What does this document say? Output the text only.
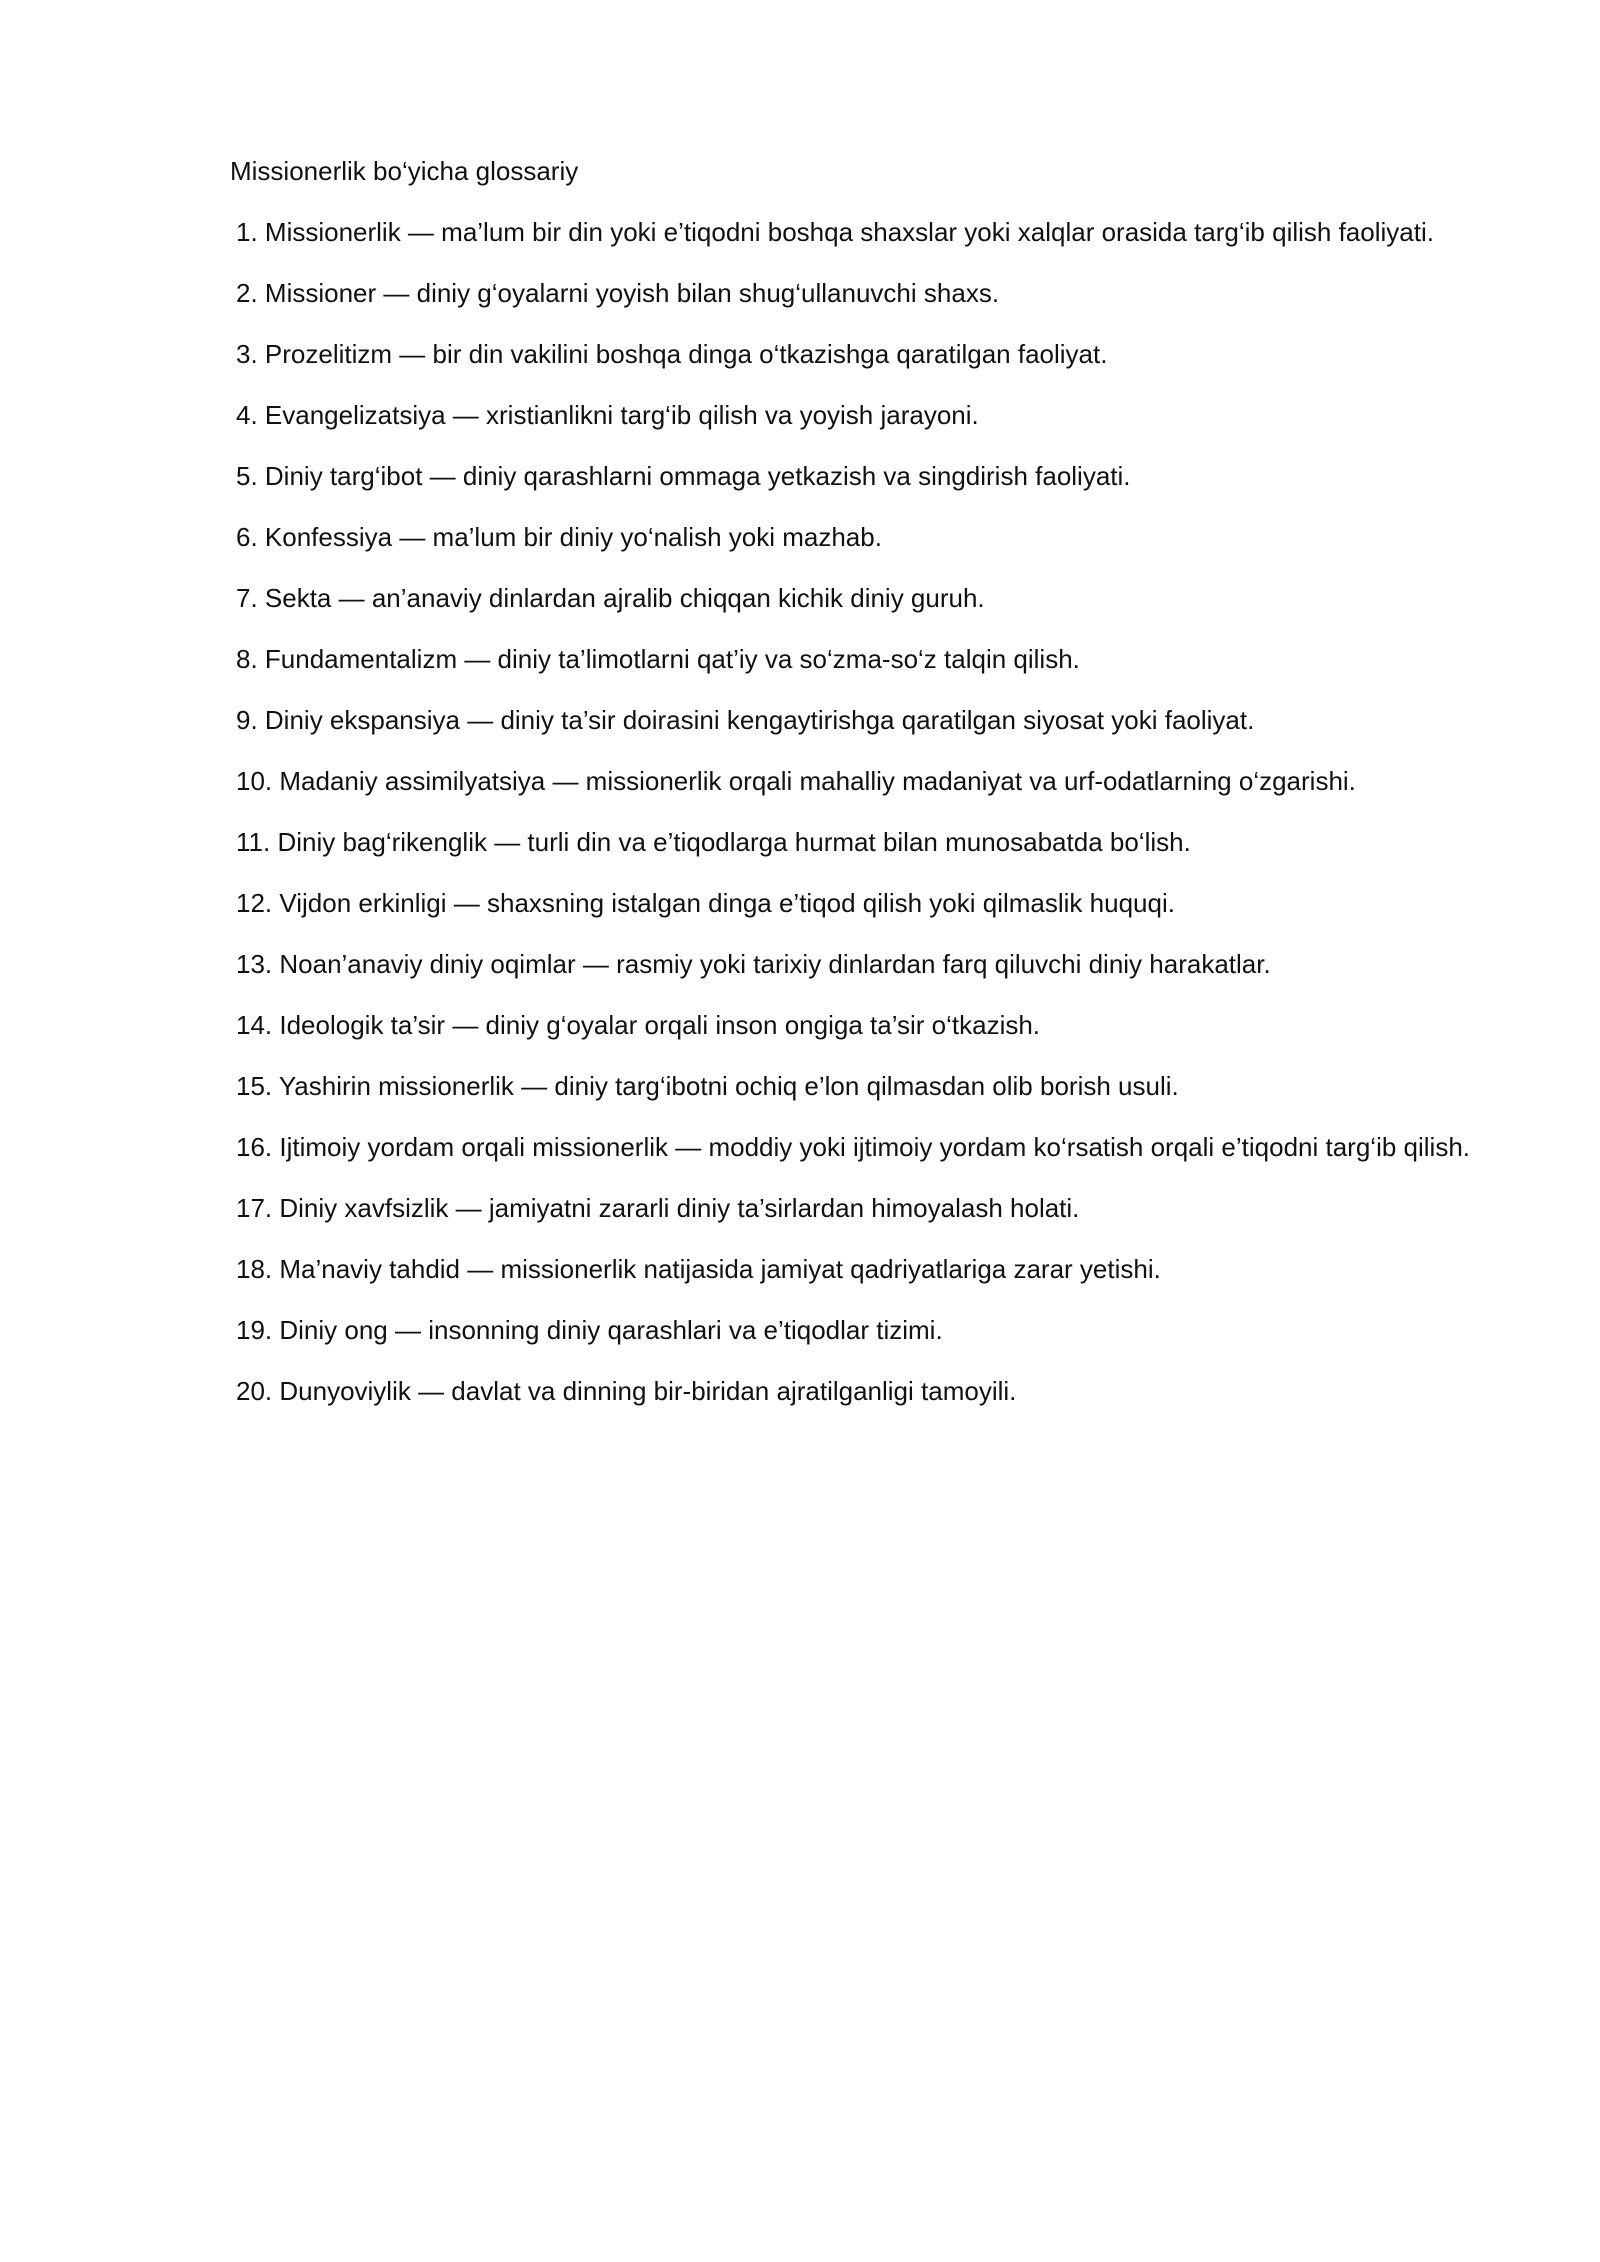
Missionerlik bo‘yicha glossariy
1. Missionerlik — ma’lum bir din yoki e’tiqodni boshqa shaxslar yoki xalqlar orasida targ‘ib qilish faoliyati.
2. Missioner — diniy g‘oyalarni yoyish bilan shug‘ullanuvchi shaxs.
3. Prozelitizm — bir din vakilini boshqa dinga o‘tkazishga qaratilgan faoliyat.
4. Evangelizatsiya — xristianlikni targ‘ib qilish va yoyish jarayoni.
5. Diniy targ‘ibot — diniy qarashlarni ommaga yetkazish va singdirish faoliyati.
6. Konfessiya — ma’lum bir diniy yo‘nalish yoki mazhab.
7. Sekta — an’anaviy dinlardan ajralib chiqqan kichik diniy guruh.
8. Fundamentalizm — diniy ta’limotlarni qat’iy va so‘zma-so‘z talqin qilish.
9. Diniy ekspansiya — diniy ta’sir doirasini kengaytirishga qaratilgan siyosat yoki faoliyat.
10. Madaniy assimilyatsiya — missionerlik orqali mahalliy madaniyat va urf-odatlarning o‘zgarishi.
11. Diniy bag‘rikenglik — turli din va e’tiqodlarga hurmat bilan munosabatda bo‘lish.
12. Vijdon erkinligi — shaxsning istalgan dinga e’tiqod qilish yoki qilmaslik huquqi.
13. Noan’anaviy diniy oqimlar — rasmiy yoki tarixiy dinlardan farq qiluvchi diniy harakatlar.
14. Ideologik ta’sir — diniy g‘oyalar orqali inson ongiga ta’sir o‘tkazish.
15. Yashirin missionerlik — diniy targ‘ibotni ochiq e’lon qilmasdan olib borish usuli.
16. Ijtimoiy yordam orqali missionerlik — moddiy yoki ijtimoiy yordam ko‘rsatish orqali e’tiqodni targ‘ib qilish.
17. Diniy xavfsizlik — jamiyatni zararli diniy ta’sirlardan himoyalash holati.
18. Ma’naviy tahdid — missionerlik natijasida jamiyat qadriyatlariga zarar yetishi.
19. Diniy ong — insonning diniy qarashlari va e’tiqodlar tizimi.
20. Dunyoviylik — davlat va dinning bir-biridan ajratilganligi tamoyili.
